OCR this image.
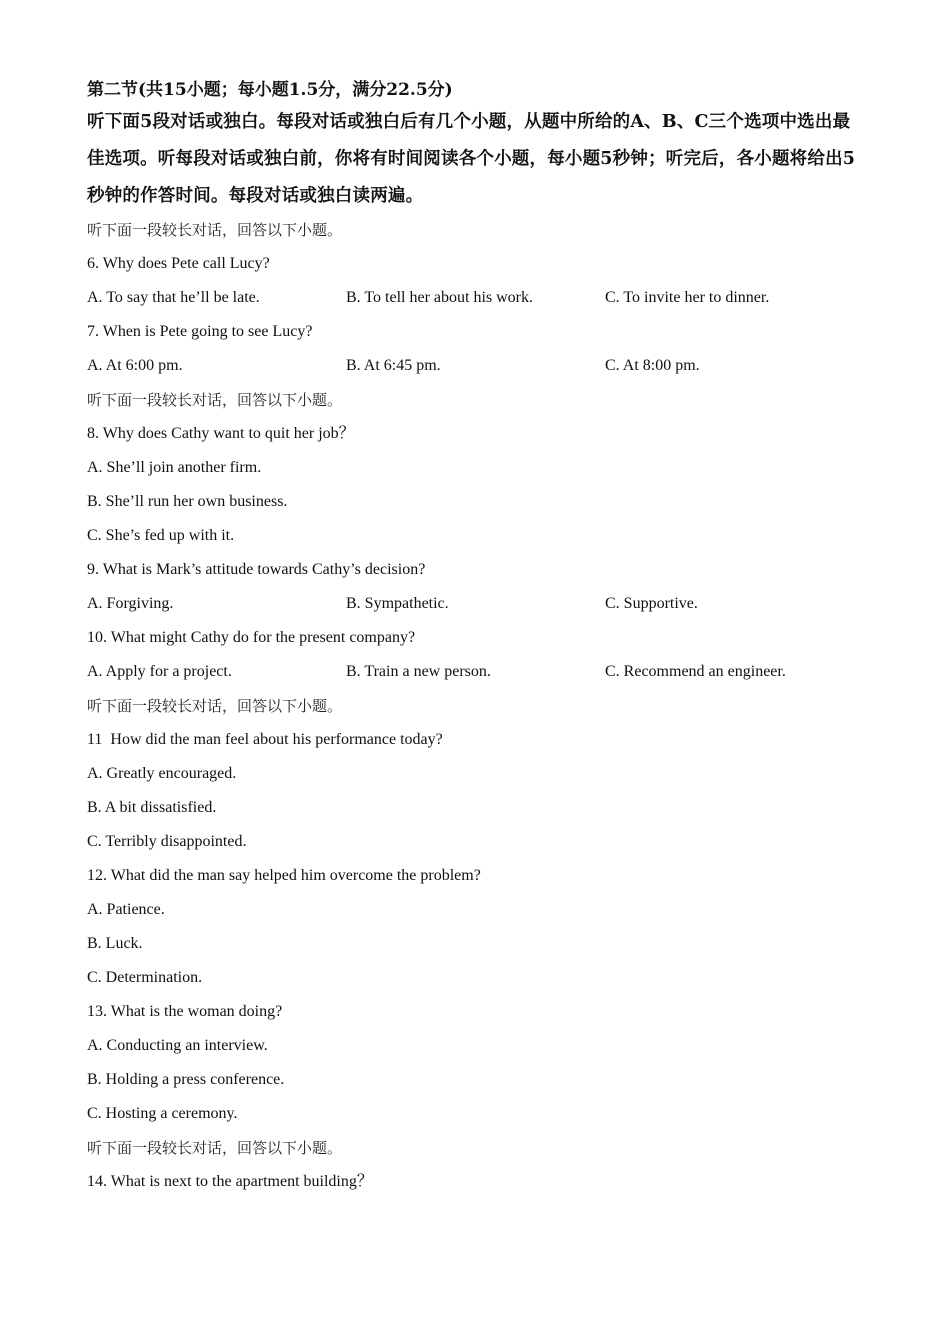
第二节(共15小题；每小题1.5分，满分22.5分)
听下面5段对话或独白。每段对话或独白后有几个小题，从题中所给的A、B、C三个选项中选出最佳选项。听每段对话或独白前，你将有时间阅读各个小题，每小题5秒钟；听完后，各小题将给出5秒钟的作答时间。每段对话或独白读两遍。
听下面一段较长对话，回答以下小题。
6. Why does Pete call Lucy?
A. To say that he’ll be late.	B. To tell her about his work.	C. To invite her to dinner.
7. When is Pete going to see Lucy?
A. At 6:00 pm.	B. At 6:45 pm.	C. At 8:00 pm.
听下面一段较长对话，回答以下小题。
8. Why does Cathy want to quit her job？
A. She’ll join another firm.
B. She’ll run her own business.
C. She’s fed up with it.
9. What is Mark’s attitude towards Cathy’s decision?
A. Forgiving.	B. Sympathetic.	C. Supportive.
10. What might Cathy do for the present company?
A. Apply for a project.	B. Train a new person.	C. Recommend an engineer.
听下面一段较长对话，回答以下小题。
11  How did the man feel about his performance today?
A. Greatly encouraged.
B. A bit dissatisfied.
C. Terribly disappointed.
12. What did the man say helped him overcome the problem?
A. Patience.
B. Luck.
C. Determination.
13. What is the woman doing?
A. Conducting an interview.
B. Holding a press conference.
C. Hosting a ceremony.
听下面一段较长对话，回答以下小题。
14. What is next to the apartment building？
